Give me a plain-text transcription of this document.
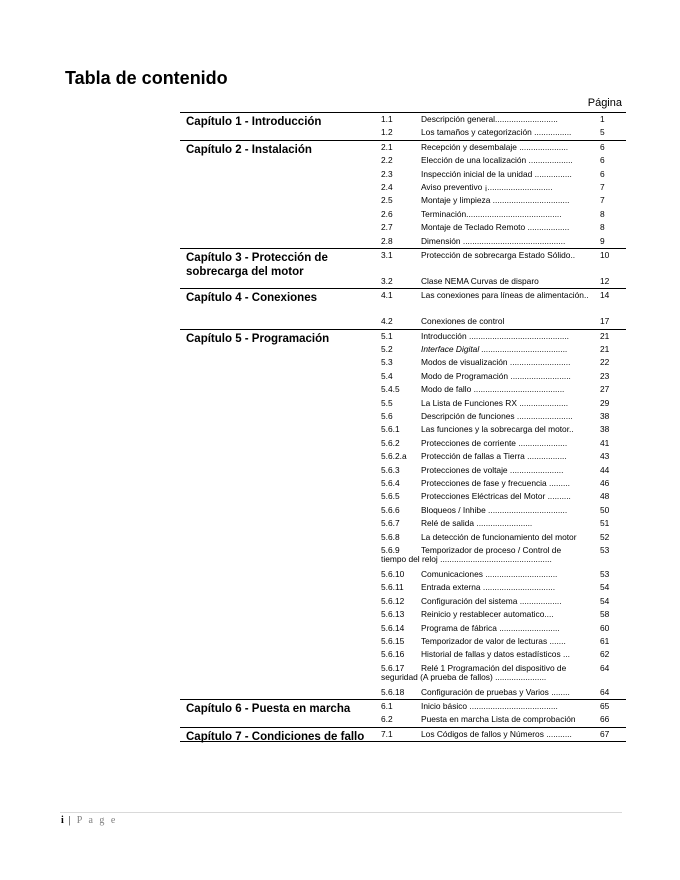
Tabla de contenido
Página
Capítulo 1 - Introducción	1.1	Descripción general...........................	1
1.2	Los tamaños y categorización ................	5
Capítulo 2 - Instalación	2.1	Recepción y desembalaje .....................	6
2.2	Elección de una localización ...................	6
2.3	Inspección inicial de la unidad ................	6
2.4	Aviso preventivo ¡............................	7
2.5	Montaje y limpieza .................................	7
2.6	Terminación.........................................	8
2.7	Montaje de Teclado Remoto ..................	8
2.8	Dimensión ............................................	9
Capítulo 3 - Protección de sobrecarga del motor
3.1	Protección de sobrecarga Estado Sólido..	10
3.2	Clase NEMA Curvas de disparo	12
Capítulo 4 - Conexiones	4.1	Las conexiones para líneas de alimentación.. 14
4.2	Conexiones de control	17
Capítulo 5 - Programación	5.1	Introducción ...........................................	21
5.2	Interface Digital .....................................	21
5.3	Modos de visualización ..........................	22
5.4	Modo de Programación ..........................	23
5.4.5	Modo de fallo .......................................	27
5.5	La Lista de Funciones RX .....................	29
5.6	Descripción de funciones ........................	38
5.6.1	Las funciones y la sobrecarga del motor..	38
5.6.2	Protecciones de corriente .....................	41
5.6.2.a Protección de fallas a Tierra .................	43
5.6.3	Protecciones de voltaje .......................	44
5.6.4	Protecciones de fase y frecuencia .........	46
5.6.5	Protecciones Eléctricas del Motor ..........	48
5.6.6	Bloqueos / Inhibe ..................................	50
5.6.7	Relé de salida ........................	51
5.6.8	La detección de funcionamiento del motor	52
5.6.9	Temporizador de proceso / Control de	53
tiempo del reloj ................................................
5.6.10 Comunicaciones ...............................	53
5.6.11 Entrada externa ...............................	54
5.6.12 Configuración del sistema ..................	54
5.6.13 Reinicio y restablecer automatico....	58
5.6.14 Programa de fábrica ..........................	60
5.6.15 Temporizador de valor de lecturas .......	61
5.6.16 Historial de fallas y datos estadísticos ...	62
5.6.17 Relé 1 Programación del dispositivo de	64
seguridad (A prueba de fallos) ......................
5.6.18 Configuración de pruebas y Varios ........	64
Capítulo 6 - Puesta en marcha	6.1	Inicio básico ......................................	65
6.2	Puesta en marcha Lista de comprobación	66
Capítulo 7 - Condiciones de fallo	7.1	Los Códigos de fallos y Números ...........	67
i | P a g e
